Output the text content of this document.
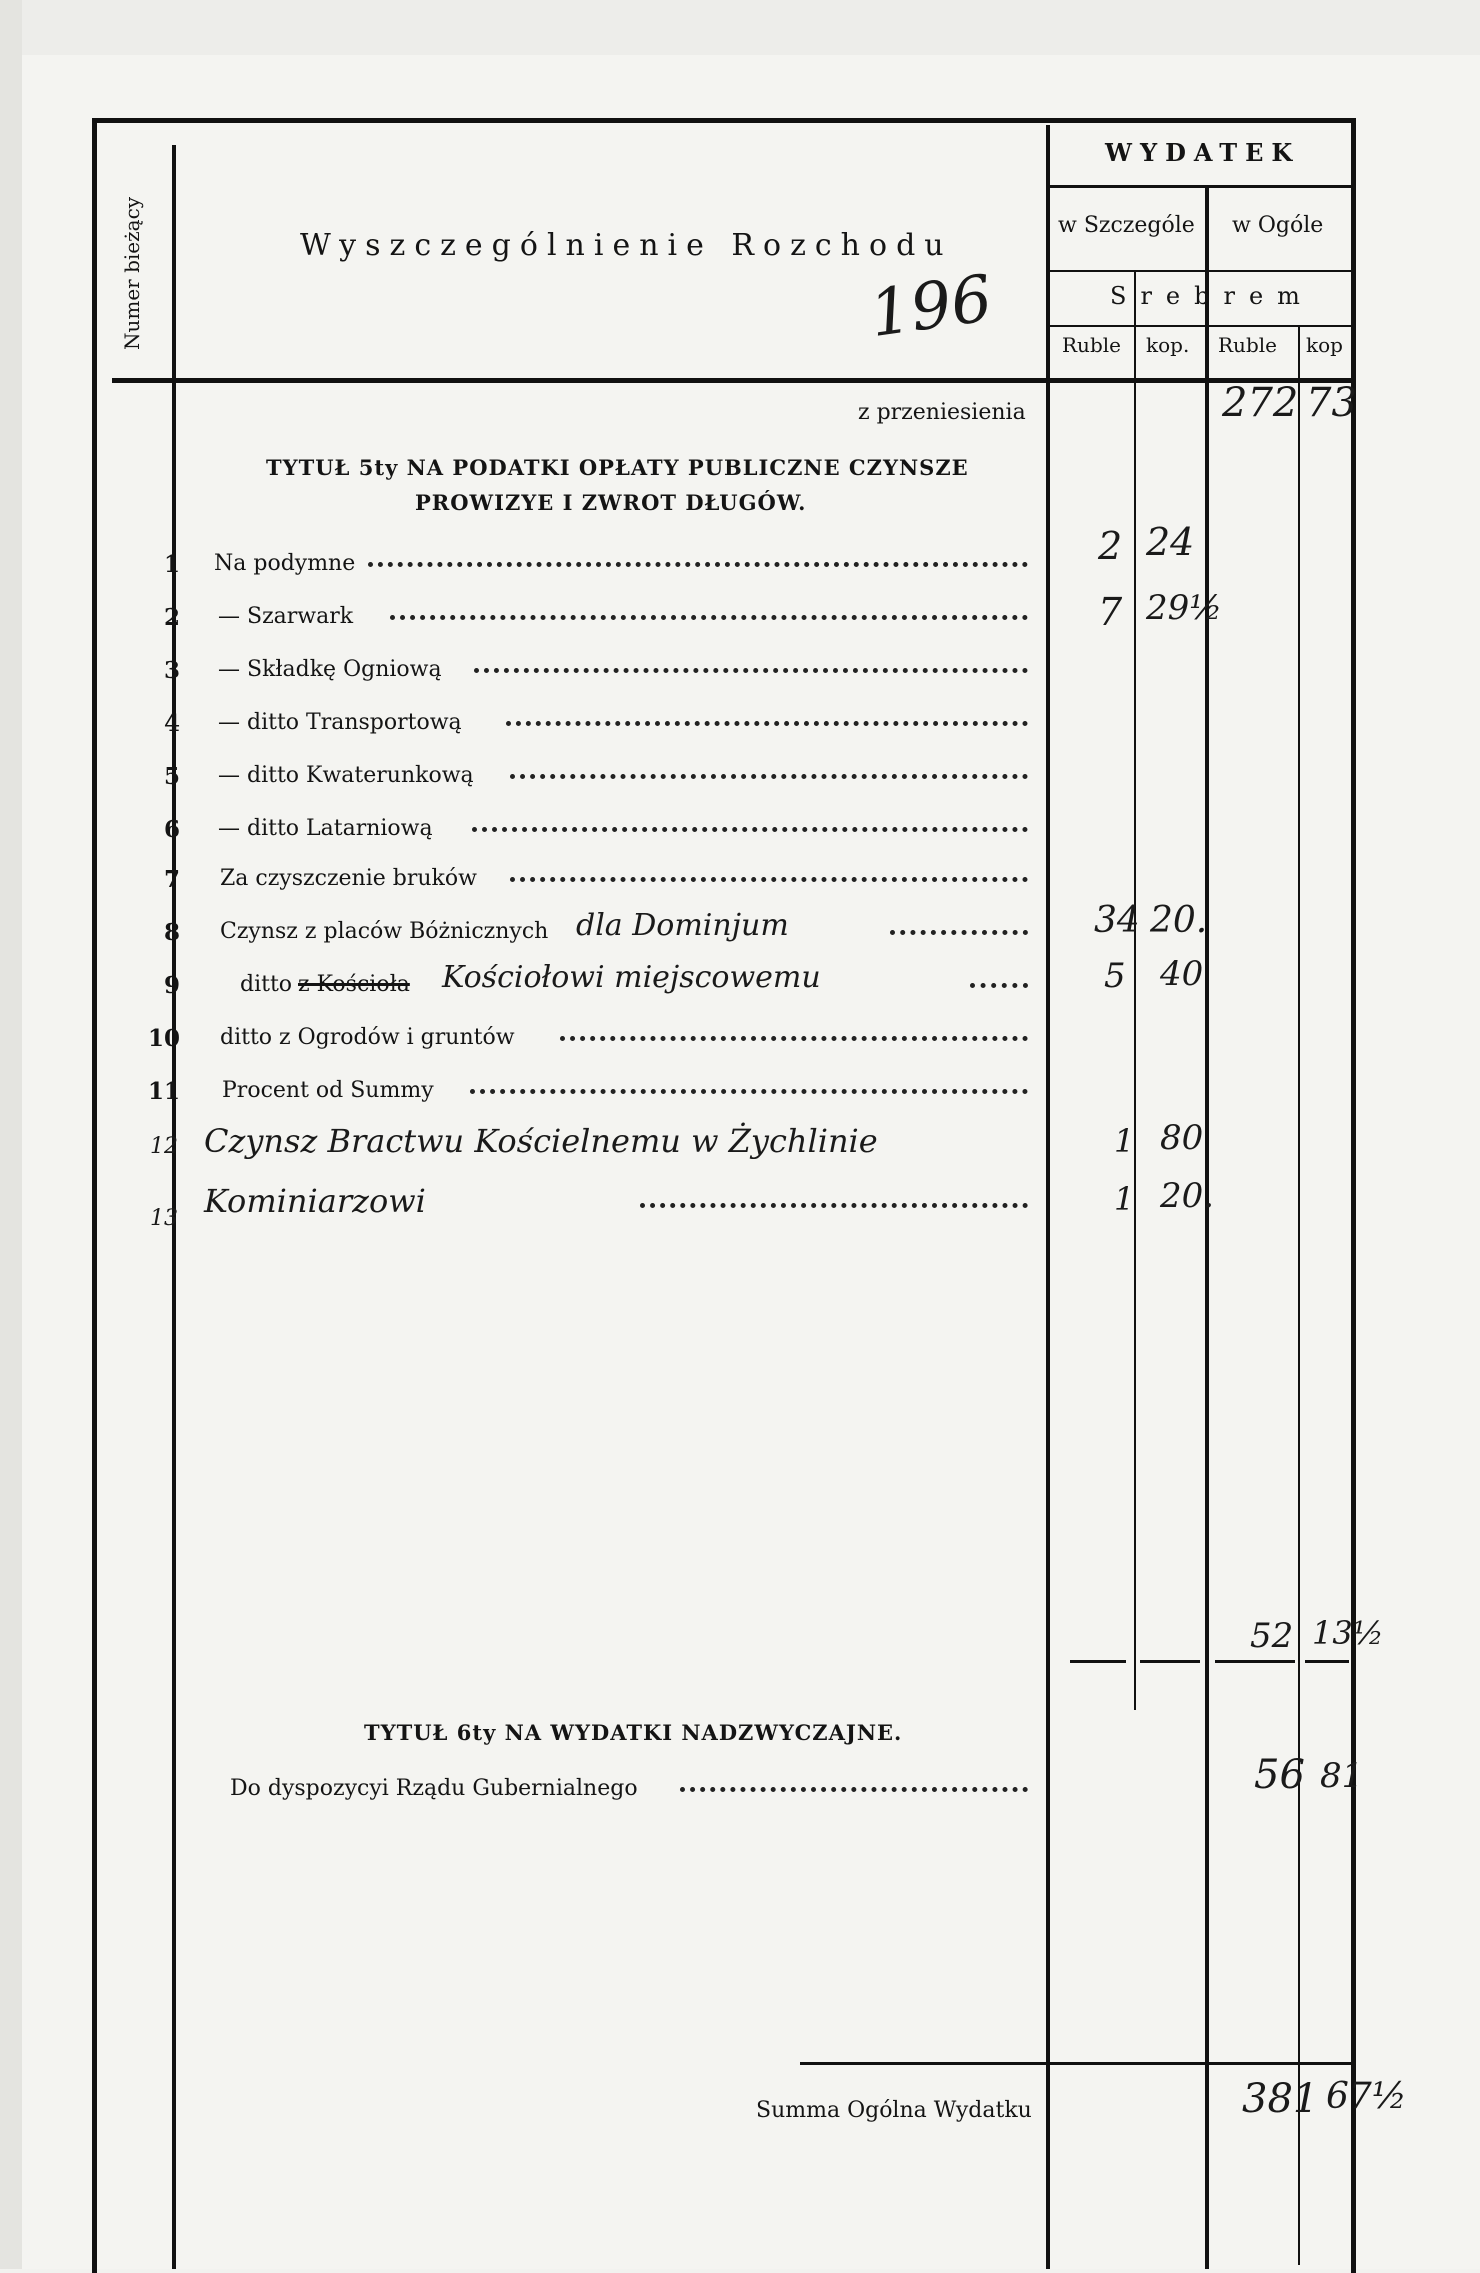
Numer bieżący	Wyszczególnienie Rozchodu
196
WYDATEK
w Szczególe w Ogóle
Srebrem
Ruble kop. Ruble kop
z przeniesienia	272 73
TYTUŁ 5ty NA PODATKI OPŁATY PUBLICZNE CZYNSZE
PROWIZYE I ZWROT DŁUGÓW.
1 Na podymne	2 24
2 — Szarwark	7 29½
3 — Składkę Ogniową
4 — ditto Transportową
5 — ditto Kwaterunkową
6 — ditto Latarniową
7 Za czyszczenie bruków
8 Czynsz z placów Bóżnicznych dla Dominjum	34 20.
9	ditto z Kościoła Kościołowi miejscowemu	5 40
10 ditto z Ogrodów i gruntów
11 Procent od Summy
12 Czynsz Bractwu Kościelnemu w Żychlinie	1 80
13 Kominiarzowi	1 20.
52 13½
TYTUŁ 6ty NA WYDATKI NADZWYCZAJNE.
Do dyspozycyi Rządu Gubernialnego	56 81
Summa Ogólna Wydatku	381 67½
